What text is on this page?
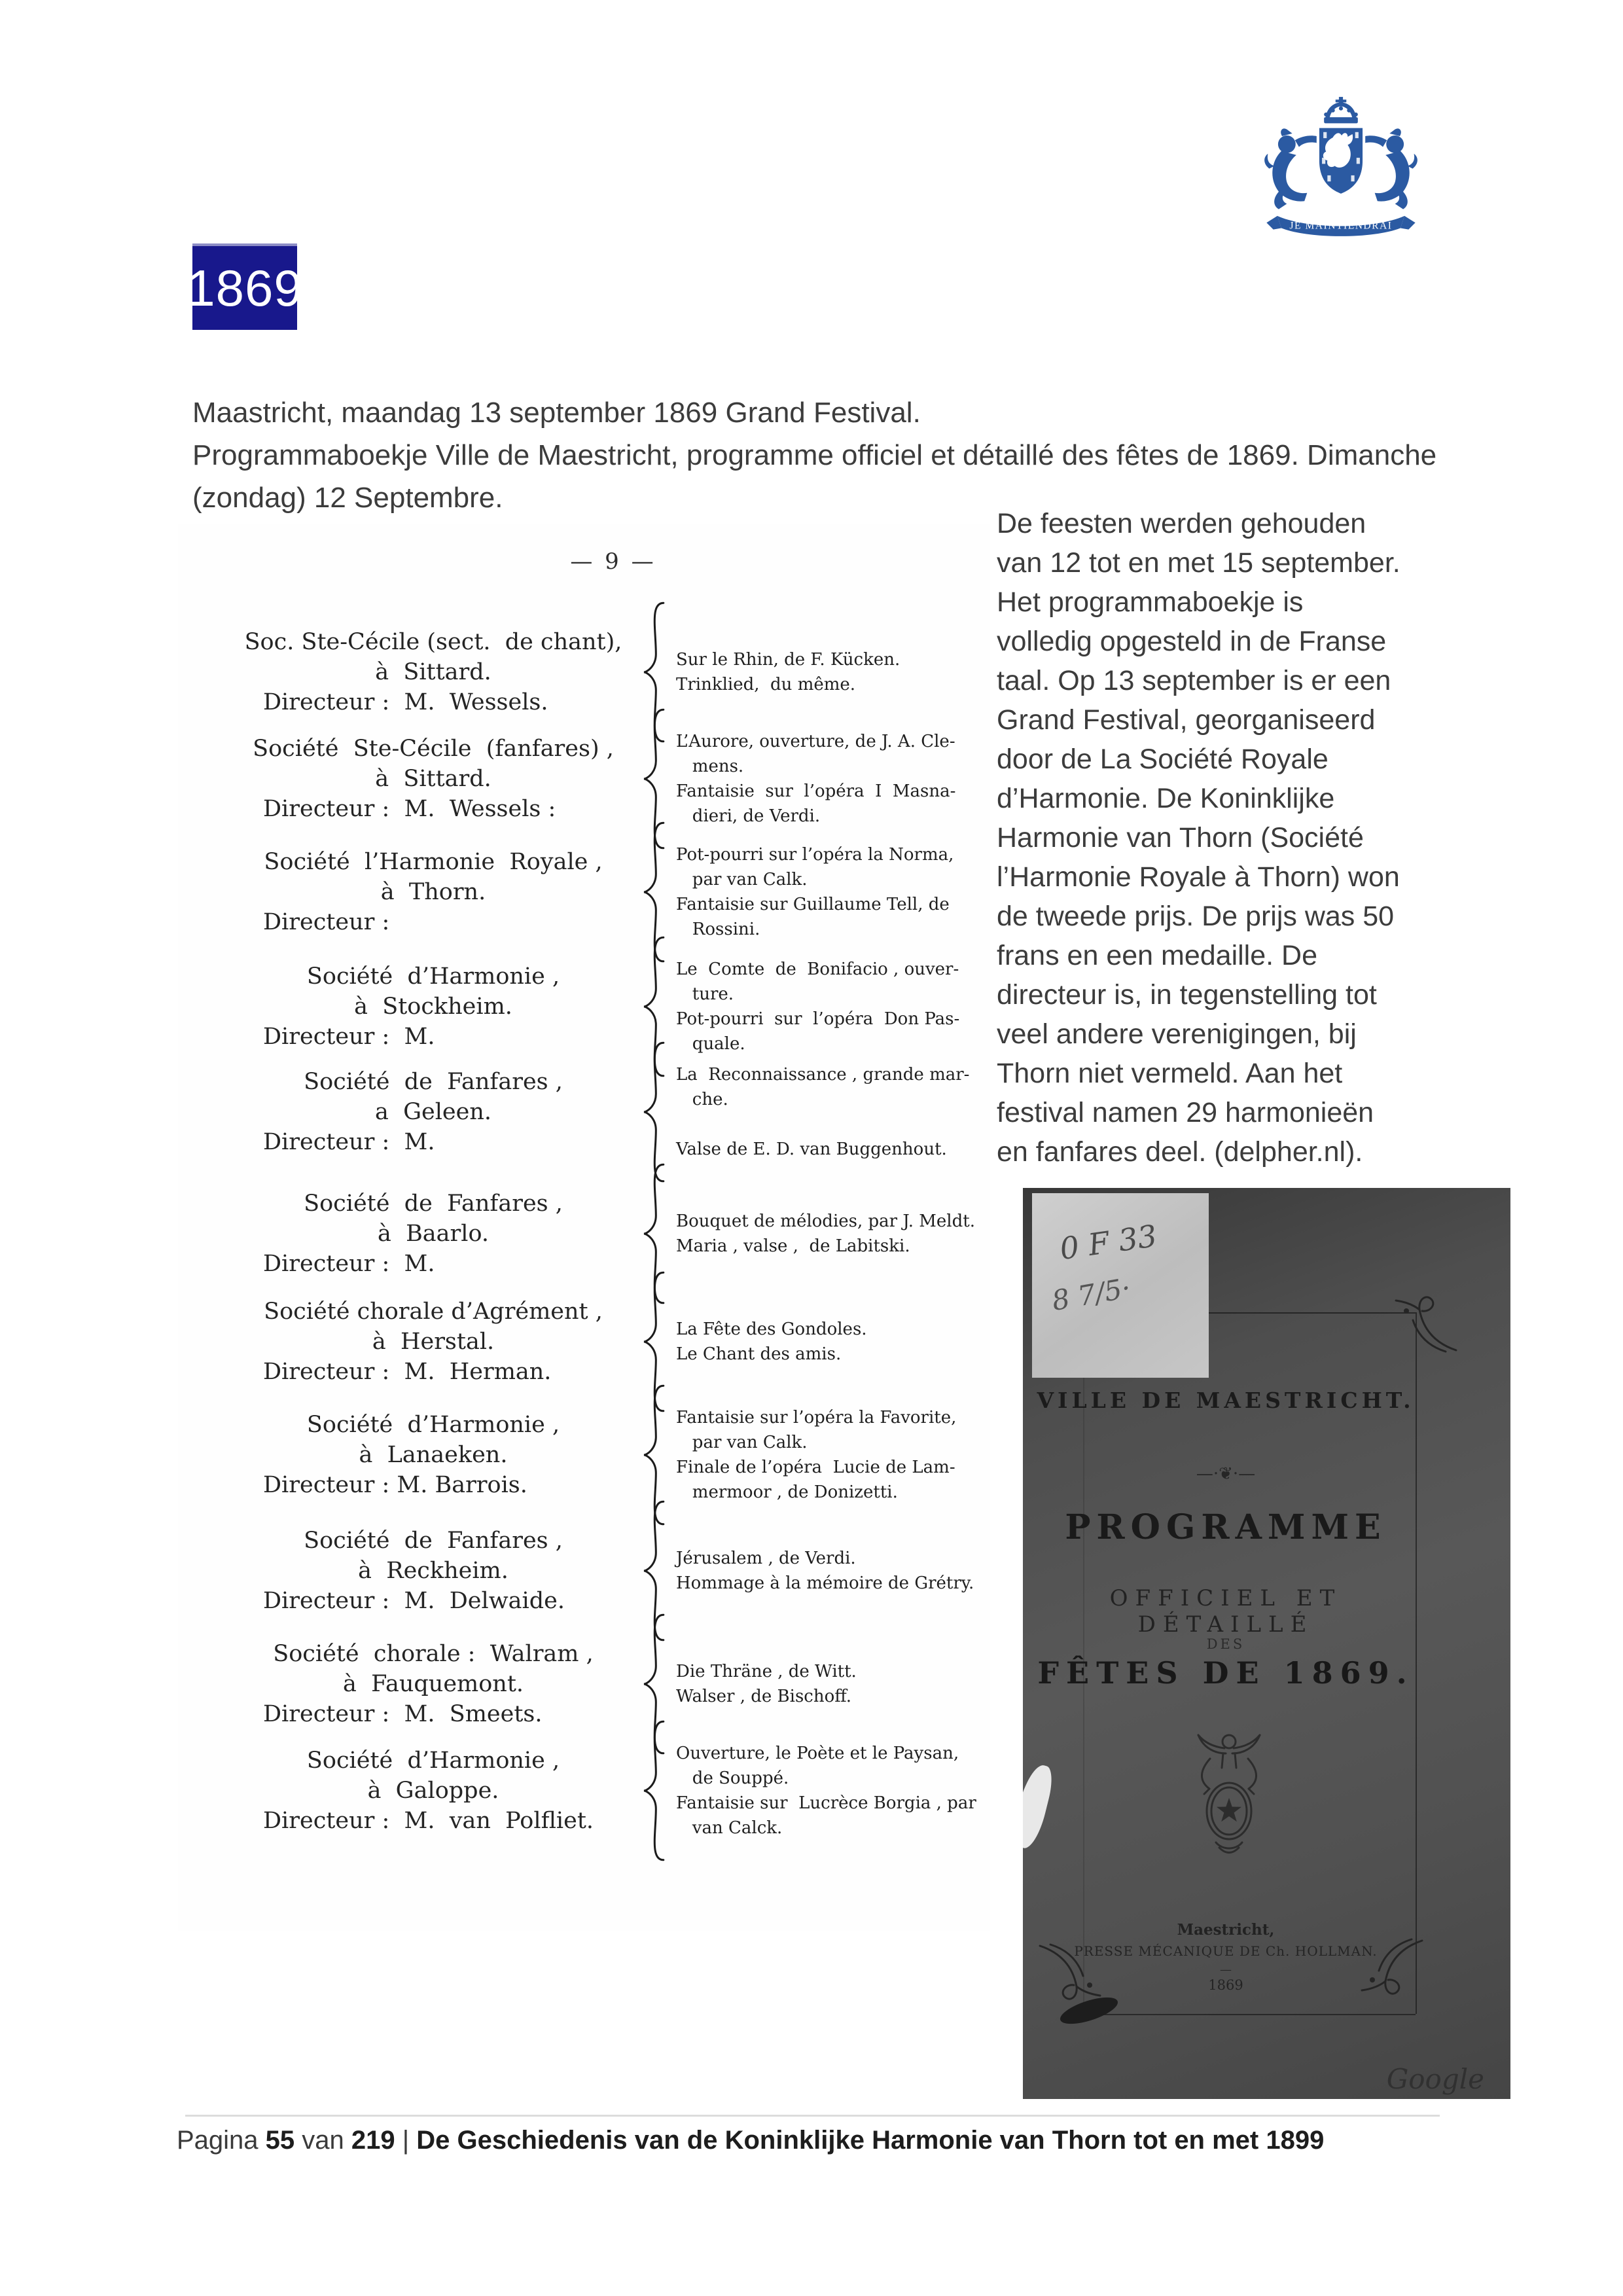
JE MAINTIENDRAI
1869
Maastricht, maandag 13 september 1869 Grand Festival.
Programmaboekje Ville de Maestricht, programme officiel et détaillé des fêtes de 1869. Dimanche
(zondag) 12 Septembre.
De feesten werden gehouden
van 12 tot en met 15 september.
Het programmaboekje is
volledig opgesteld in de Franse
taal. Op 13 september is er een
Grand Festival, georganiseerd
door de La Société Royale
d’Harmonie. De Koninklijke
Harmonie van Thorn (Société
l’Harmonie Royale à Thorn) won
de tweede prijs. De prijs was 50
frans en een medaille. De
directeur is, in tegenstelling tot
veel andere verenigingen, bij
Thorn niet vermeld. Aan het
festival namen 29 harmonieën
en fanfares deel. (delpher.nl).
— 9 —
Soc. Ste-Cécile (sect.  de chant),
à  Sittard.
Directeur :  M.  Wessels.
Sur le Rhin, de F. Kücken.
Trinklied,  du même.
Société  Ste-Cécile  (fanfares) ,
à  Sittard.
Directeur :  M.  Wessels :
L’Aurore, ouverture, de J. A. Cle-
mens.
Fantaisie  sur  l’opéra  I  Masna-
dieri, de Verdi.
Société  l’Harmonie  Royale ,
à  Thorn.
Directeur :
Pot-pourri sur l’opéra la Norma,
par van Calk.
Fantaisie sur Guillaume Tell, de
Rossini.
Société  d’Harmonie ,
à  Stockheim.
Directeur :  M.
Le  Comte  de  Bonifacio , ouver-
ture.
Pot-pourri  sur  l’opéra  Don Pas-
quale.
Société  de  Fanfares ,
a  Geleen.
Directeur :  M.
La  Reconnaissance , grande mar-
che.

Valse de E. D. van Buggenhout.
Société  de  Fanfares ,
à  Baarlo.
Directeur :  M.
Bouquet de mélodies, par J. Meldt.
Maria , valse ,  de Labitski.
Société chorale d’Agrément ,
à  Herstal.
Directeur :  M.  Herman.
La Fête des Gondoles.
Le Chant des amis.
Société  d’Harmonie ,
à  Lanaeken.
Directeur : M. Barrois.
Fantaisie sur l’opéra la Favorite,
par van Calk.
Finale de l’opéra  Lucie de Lam-
mermoor , de Donizetti.
Société  de  Fanfares ,
à  Reckheim.
Directeur :  M.  Delwaide.
Jérusalem , de Verdi.
Hommage à la mémoire de Grétry.
Société  chorale :  Walram ,
à  Fauquemont.
Directeur :  M.  Smeets.
Die Thräne , de Witt.
Walser , de Bischoff.
Société  d’Harmonie ,
à  Galoppe.
Directeur :  M.  van  Polfliet.
Ouverture, le Poète et le Paysan,
de Souppé.
Fantaisie sur  Lucrèce Borgia , par
van Calck.
0 F 33
8 7/5·
VILLE DE MAESTRICHT.
—·❦·—
PROGRAMME
OFFICIEL ET DÉTAILLÉ
DES
FÊTES DE 1869.
Maestricht,
PRESSE MÉCANIQUE DE Ch. HOLLMAN.
—
1869
Google
Pagina 55 van 219 | De Geschiedenis van de Koninklijke Harmonie van Thorn tot en met 1899
